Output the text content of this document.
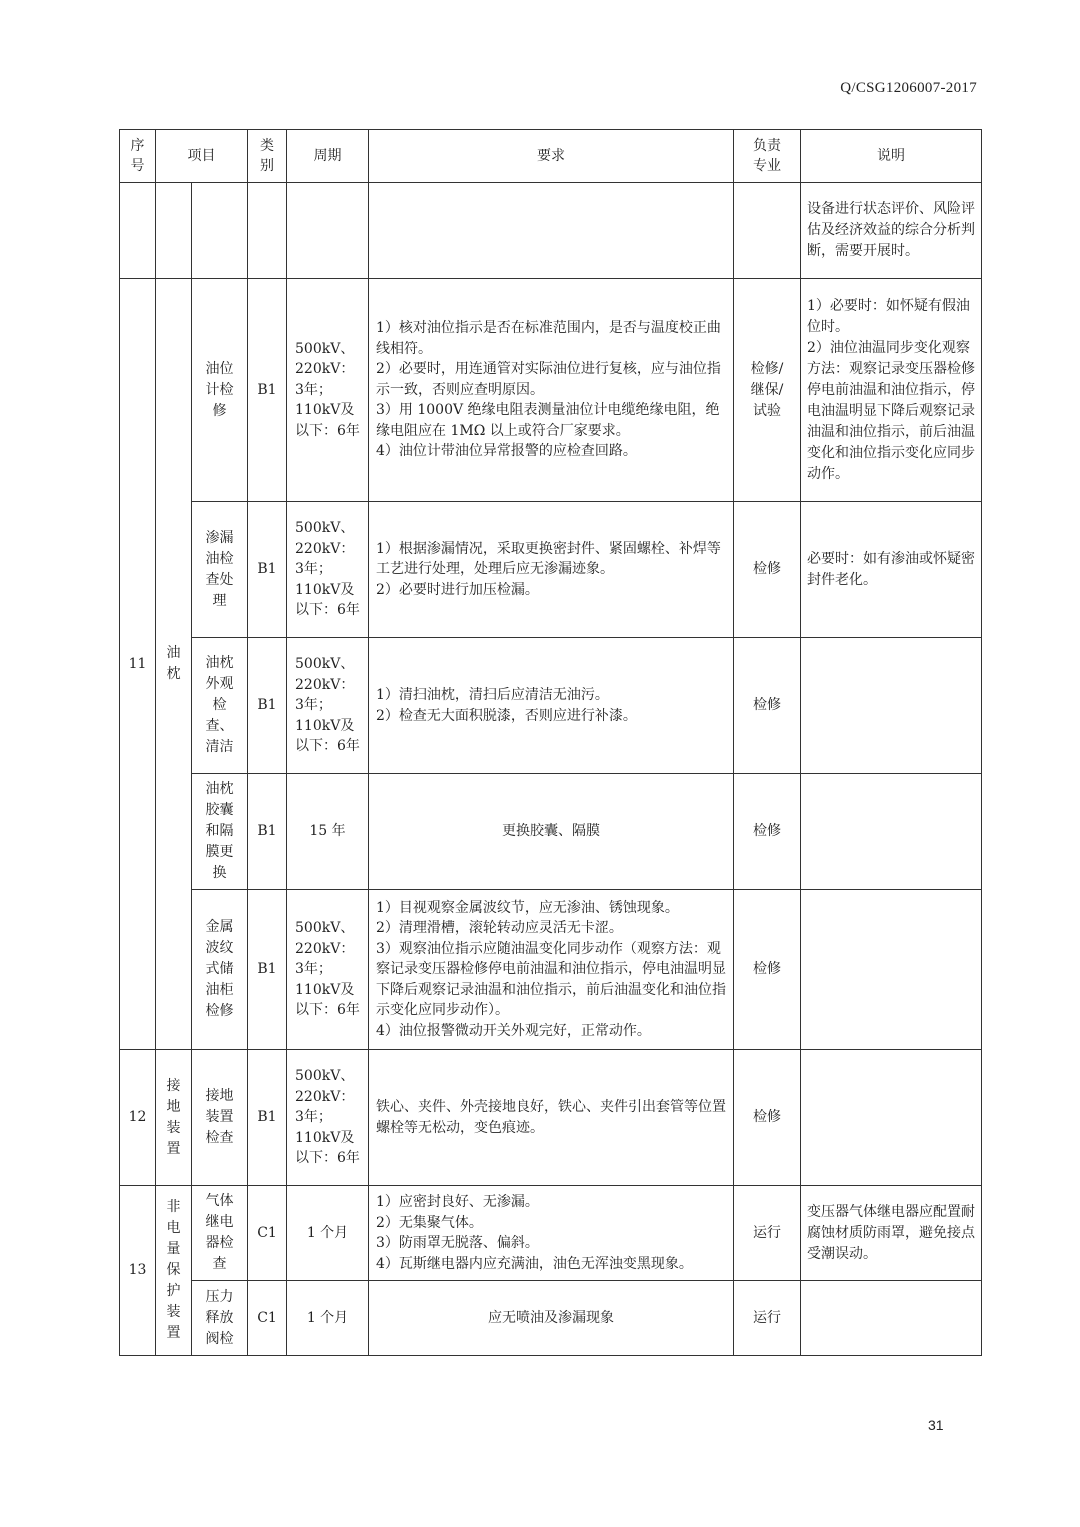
Q/CSG1206007-2017
序号	项目		类别	周期	要求	负责专业	说明
							设备进行状态评价、风险评估及经济效益的综合分析判断，需要开展时。
11	油枕	油位计检修	B1	500kV、220kV：3年；110kV及以下：6年	1）核对油位指示是否在标准范围内，是否与温度校正曲线相符。
2）必要时，用连通管对实际油位进行复核，应与油位指示一致，否则应查明原因。
3）用 1000V 绝缘电阻表测量油位计电缆绝缘电阻，绝缘电阻应在 1MΩ 以上或符合厂家要求。
4）油位计带油位异常报警的应检查回路。	检修/继保/试验	1）必要时：如怀疑有假油位时。
2）油位油温同步变化观察方法：观察记录变压器检修停电前油温和油位指示，停电油温明显下降后观察记录油温和油位指示，前后油温变化和油位指示变化应同步动作。
		渗漏油检查处理	B1	500kV、220kV：3年；110kV及以下：6年	1）根据渗漏情况，采取更换密封件、紧固螺栓、补焊等工艺进行处理，处理后应无渗漏迹象。
2）必要时进行加压检漏。	检修	必要时：如有渗油或怀疑密封件老化。
		油枕外观检查、清洁	B1	500kV、220kV：3年；110kV及以下：6年	1）清扫油枕，清扫后应清洁无油污。
2）检查无大面积脱漆，否则应进行补漆。	检修	
		油枕胶囊和隔膜更换	B1	15 年	更换胶囊、隔膜	检修	
		金属波纹式储油柜检修	B1	500kV、220kV：3年；110kV及以下：6年	1）目视观察金属波纹节，应无渗油、锈蚀现象。
2）清理滑槽，滚轮转动应灵活无卡涩。
3）观察油位指示应随油温变化同步动作（观察方法：观察记录变压器检修停电前油温和油位指示，停电油温明显下降后观察记录油温和油位指示，前后油温变化和油位指示变化应同步动作）。
4）油位报警微动开关外观完好，正常动作。	检修	
12	接地装置	接地装置检查	B1	500kV、220kV：3年；110kV及以下：6年	铁心、夹件、外壳接地良好，铁心、夹件引出套管等位置螺栓等无松动，变色痕迹。	检修	
13	非电量保护装置	气体继电器检查	C1	1 个月	1）应密封良好、无渗漏。
2）无集聚气体。
3）防雨罩无脱落、偏斜。
4）瓦斯继电器内应充满油，油色无浑浊变黑现象。	运行	变压器气体继电器应配置耐腐蚀材质防雨罩，避免接点受潮误动。
		压力释放阀检	C1	1 个月	应无喷油及渗漏现象	运行	
31
